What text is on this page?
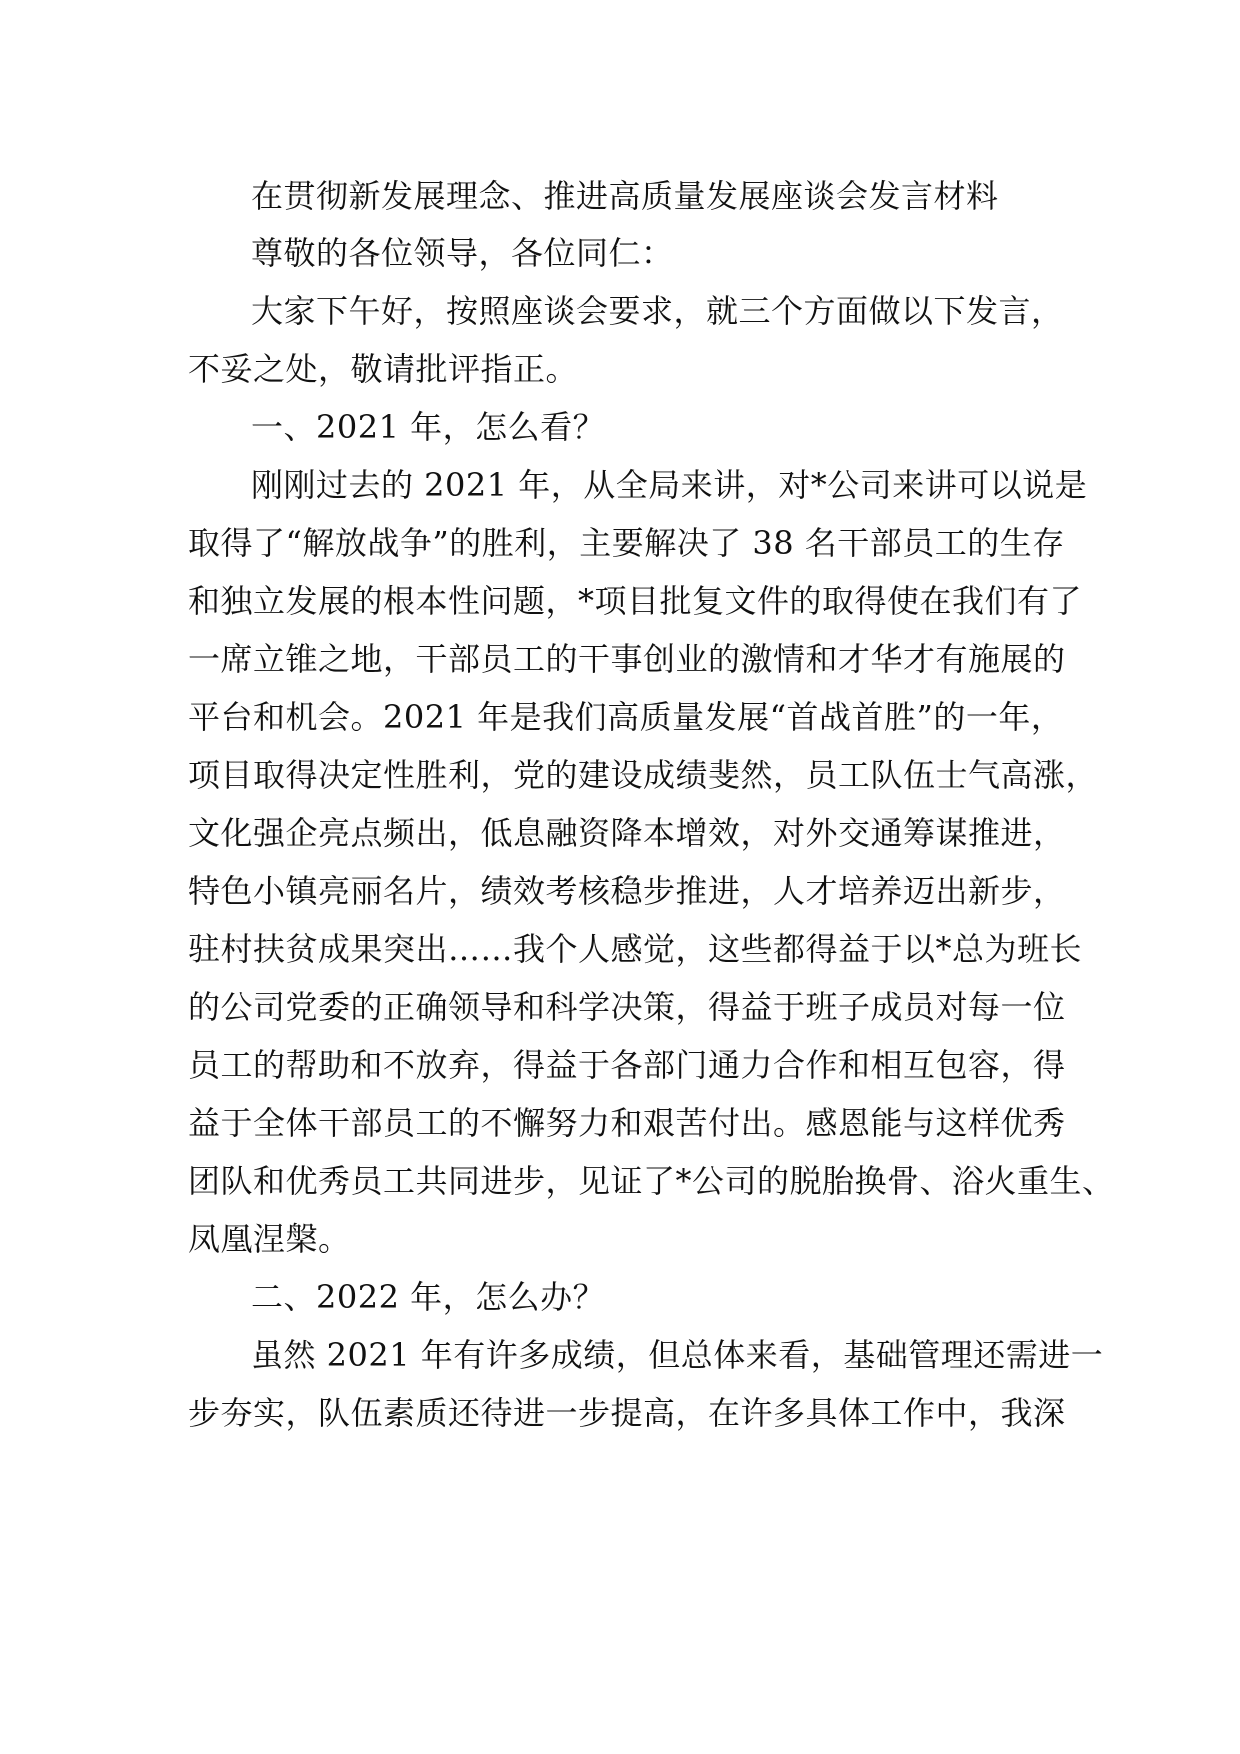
在贯彻新发展理念、推进高质量发展座谈会发言材料
尊敬的各位领导，各位同仁：
大家下午好，按照座谈会要求，就三个方面做以下发言，
不妥之处，敬请批评指正。
一、2021 年，怎么看？
刚刚过去的 2021 年，从全局来讲，对*公司来讲可以说是
取得了“解放战争”的胜利，主要解决了 38 名干部员工的生存
和独立发展的根本性问题，*项目批复文件的取得使在我们有了
一席立锥之地，干部员工的干事创业的激情和才华才有施展的
平台和机会。2021 年是我们高质量发展“首战首胜”的一年，
项目取得决定性胜利，党的建设成绩斐然，员工队伍士气高涨，
文化强企亮点频出，低息融资降本增效，对外交通筹谋推进，
特色小镇亮丽名片，绩效考核稳步推进，人才培养迈出新步，
驻村扶贫成果突出……我个人感觉，这些都得益于以*总为班长
的公司党委的正确领导和科学决策，得益于班子成员对每一位
员工的帮助和不放弃，得益于各部门通力合作和相互包容，得
益于全体干部员工的不懈努力和艰苦付出。感恩能与这样优秀
团队和优秀员工共同进步，见证了*公司的脱胎换骨、浴火重生、
凤凰涅槃。
二、2022 年，怎么办？
虽然 2021 年有许多成绩，但总体来看，基础管理还需进一
步夯实，队伍素质还待进一步提高，在许多具体工作中，我深
